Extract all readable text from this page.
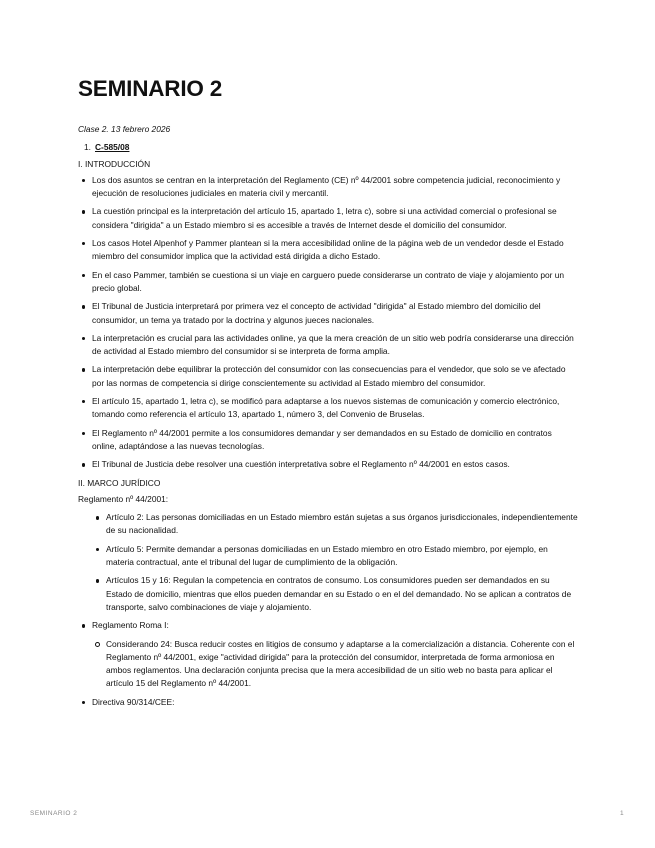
SEMINARIO 2

Clase 2. 13 febrero 2026

1. C-585/08

I. INTRODUCCIÓN

Los dos asuntos se centran en la interpretación del Reglamento (CE) nº 44/2001 sobre competencia judicial, reconocimiento y ejecución de resoluciones judiciales en materia civil y mercantil.
La cuestión principal es la interpretación del artículo 15, apartado 1, letra c), sobre si una actividad comercial o profesional se considera "dirigida" a un Estado miembro si es accesible a través de Internet desde el domicilio del consumidor.
Los casos Hotel Alpenhof y Pammer plantean si la mera accesibilidad online de la página web de un vendedor desde el Estado miembro del consumidor implica que la actividad está dirigida a dicho Estado.
En el caso Pammer, también se cuestiona si un viaje en carguero puede considerarse un contrato de viaje y alojamiento por un precio global.
El Tribunal de Justicia interpretará por primera vez el concepto de actividad "dirigida" al Estado miembro del domicilio del consumidor, un tema ya tratado por la doctrina y algunos jueces nacionales.
La interpretación es crucial para las actividades online, ya que la mera creación de un sitio web podría considerarse una dirección de actividad al Estado miembro del consumidor si se interpreta de forma amplia.
La interpretación debe equilibrar la protección del consumidor con las consecuencias para el vendedor, que solo se ve afectado por las normas de competencia si dirige conscientemente su actividad al Estado miembro del consumidor.
El artículo 15, apartado 1, letra c), se modificó para adaptarse a los nuevos sistemas de comunicación y comercio electrónico, tomando como referencia el artículo 13, apartado 1, número 3, del Convenio de Bruselas.
El Reglamento nº 44/2001 permite a los consumidores demandar y ser demandados en su Estado de domicilio en contratos online, adaptándose a las nuevas tecnologías.
El Tribunal de Justicia debe resolver una cuestión interpretativa sobre el Reglamento nº 44/2001 en estos casos.

II. MARCO JURÍDICO

Reglamento nº 44/2001:

Artículo 2: Las personas domiciliadas en un Estado miembro están sujetas a sus órganos jurisdiccionales, independientemente de su nacionalidad.
Artículo 5: Permite demandar a personas domiciliadas en un Estado miembro en otro Estado miembro, por ejemplo, en materia contractual, ante el tribunal del lugar de cumplimiento de la obligación.
Artículos 15 y 16: Regulan la competencia en contratos de consumo. Los consumidores pueden ser demandados en su Estado de domicilio, mientras que ellos pueden demandar en su Estado o en el del demandado. No se aplican a contratos de transporte, salvo combinaciones de viaje y alojamiento.
Reglamento Roma I:
Considerando 24: Busca reducir costes en litigios de consumo y adaptarse a la comercialización a distancia. Coherente con el Reglamento nº 44/2001, exige "actividad dirigida" para la protección del consumidor, interpretada de forma armoniosa en ambos reglamentos. Una declaración conjunta precisa que la mera accesibilidad de un sitio web no basta para aplicar el artículo 15 del Reglamento nº 44/2001.
Directiva 90/314/CEE:
SEMINARIO 2	1
